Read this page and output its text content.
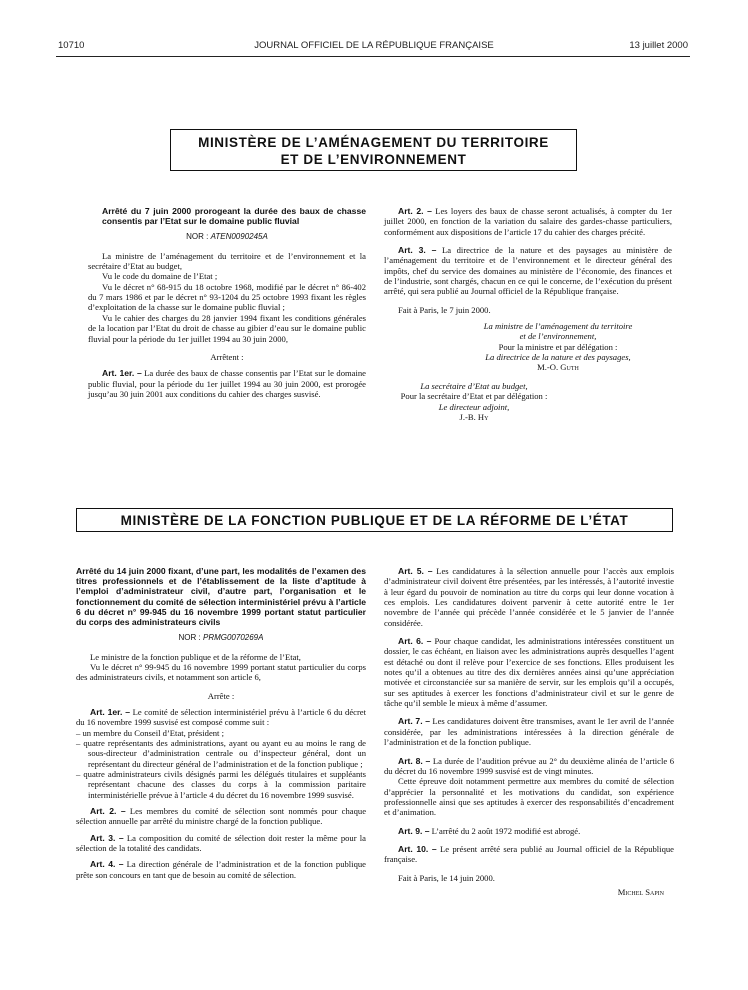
10710	JOURNAL OFFICIEL DE LA RÉPUBLIQUE FRANÇAISE	13 juillet 2000
MINISTÈRE DE L’AMÉNAGEMENT DU TERRITOIRE
ET DE L’ENVIRONNEMENT

Arrêté du 7 juin 2000 prorogeant la durée des baux de chasse consentis par l’Etat sur le domaine public fluvial

NOR : ATEN0090245A

La ministre de l’aménagement du territoire et de l’environnement et la secrétaire d’Etat au budget,

Vu le code du domaine de l’Etat ;

Vu le décret n° 68-915 du 18 octobre 1968, modifié par le décret n° 86-402 du 7 mars 1986 et par le décret n° 93-1204 du 25 octobre 1993 fixant les règles d’exploitation de la chasse sur le domaine public fluvial ;

Vu le cahier des charges du 28 janvier 1994 fixant les conditions générales de la location par l’Etat du droit de chasse au gibier d’eau sur le domaine public fluvial pour la période du 1er juillet 1994 au 30 juin 2000,

Arrêtent :

Art. 1er. – La durée des baux de chasse consentis par l’Etat sur le domaine public fluvial, pour la période du 1er juillet 1994 au 30 juin 2000, est prorogée jusqu’au 30 juin 2001 aux conditions du cahier des charges susvisé.

Art. 2. – Les loyers des baux de chasse seront actualisés, à compter du 1er juillet 2000, en fonction de la variation du salaire des gardes-chasse particuliers, conformément aux dispositions de l’article 17 du cahier des charges précité.

Art. 3. – La directrice de la nature et des paysages au ministère de l’aménagement du territoire et de l’environnement et le directeur général des impôts, chef du service des domaines au ministère de l’économie, des finances et de l’industrie, sont chargés, chacun en ce qui le concerne, de l’exécution du présent arrêté, qui sera publié au Journal officiel de la République française.

Fait à Paris, le 7 juin 2000.

La ministre de l’aménagement du territoire

et de l’environnement,

Pour la ministre et par délégation :

La directrice de la nature et des paysages,

M.-O. Guth

La secrétaire d’Etat au budget,

Pour la secrétaire d’Etat et par délégation :

Le directeur adjoint,

J.-B. Hy

MINISTÈRE DE LA FONCTION PUBLIQUE ET DE LA RÉFORME DE L’ÉTAT

Arrêté du 14 juin 2000 fixant, d’une part, les modalités de l’examen des titres professionnels et de l’établissement de la liste d’aptitude à l’emploi d’administrateur civil, d’autre part, l’organisation et le fonctionnement du comité de sélection interministériel prévu à l’article 6 du décret n° 99-945 du 16 novembre 1999 portant statut particulier du corps des administrateurs civils

NOR : PRMG0070269A

Le ministre de la fonction publique et de la réforme de l’Etat,

Vu le décret n° 99-945 du 16 novembre 1999 portant statut particulier du corps des administrateurs civils, et notamment son article 6,

Arrête :

Art. 1er. – Le comité de sélection interministériel prévu à l’article 6 du décret du 16 novembre 1999 susvisé est composé comme suit :

– un membre du Conseil d’Etat, président ;

– quatre représentants des administrations, ayant ou ayant eu au moins le rang de sous-directeur d’administration centrale ou d’inspecteur général, dont un représentant du directeur général de l’administration et de la fonction publique ;

– quatre administrateurs civils désignés parmi les délégués titulaires et suppléants représentant chacune des classes du corps à la commission paritaire interministérielle prévue à l’article 4 du décret du 16 novembre 1999 susvisé.

Art. 2. – Les membres du comité de sélection sont nommés pour chaque sélection annuelle par arrêté du ministre chargé de la fonction publique.

Art. 3. – La composition du comité de sélection doit rester la même pour la sélection de la totalité des candidats.

Art. 4. – La direction générale de l’administration et de la fonction publique prête son concours en tant que de besoin au comité de sélection.

Art. 5. – Les candidatures à la sélection annuelle pour l’accès aux emplois d’administrateur civil doivent être présentées, par les intéressés, à l’autorité investie à leur égard du pouvoir de nomination au titre du corps qui leur donne vocation à ces emplois. Les candidatures doivent parvenir à cette autorité entre le 1er novembre de l’année qui précède l’année considérée et le 5 janvier de l’année considérée.

Art. 6. – Pour chaque candidat, les administrations intéressées constituent un dossier, le cas échéant, en liaison avec les administrations auprès desquelles l’agent est détaché ou dont il relève pour l’exercice de ses fonctions. Elles produisent les notes qu’il a obtenues au titre des dix dernières années ainsi qu’une appréciation motivée et circonstanciée sur sa manière de servir, sur les emplois qu’il a occupés, sur ses aptitudes à exercer les fonctions d’administrateur civil et sur le genre de tâche qu’il semble le mieux à même d’assumer.

Art. 7. – Les candidatures doivent être transmises, avant le 1er avril de l’année considérée, par les administrations intéressées à la direction générale de l’administration et de la fonction publique.

Art. 8. – La durée de l’audition prévue au 2° du deuxième alinéa de l’article 6 du décret du 16 novembre 1999 susvisé est de vingt minutes.

Cette épreuve doit notamment permettre aux membres du comité de sélection d’apprécier la personnalité et les motivations du candidat, son expérience professionnelle ainsi que ses aptitudes à exercer des responsabilités d’encadrement et d’animation.

Art. 9. – L’arrêté du 2 août 1972 modifié est abrogé.

Art. 10. – Le présent arrêté sera publié au Journal officiel de la République française.

Fait à Paris, le 14 juin 2000.

Michel Sapin
